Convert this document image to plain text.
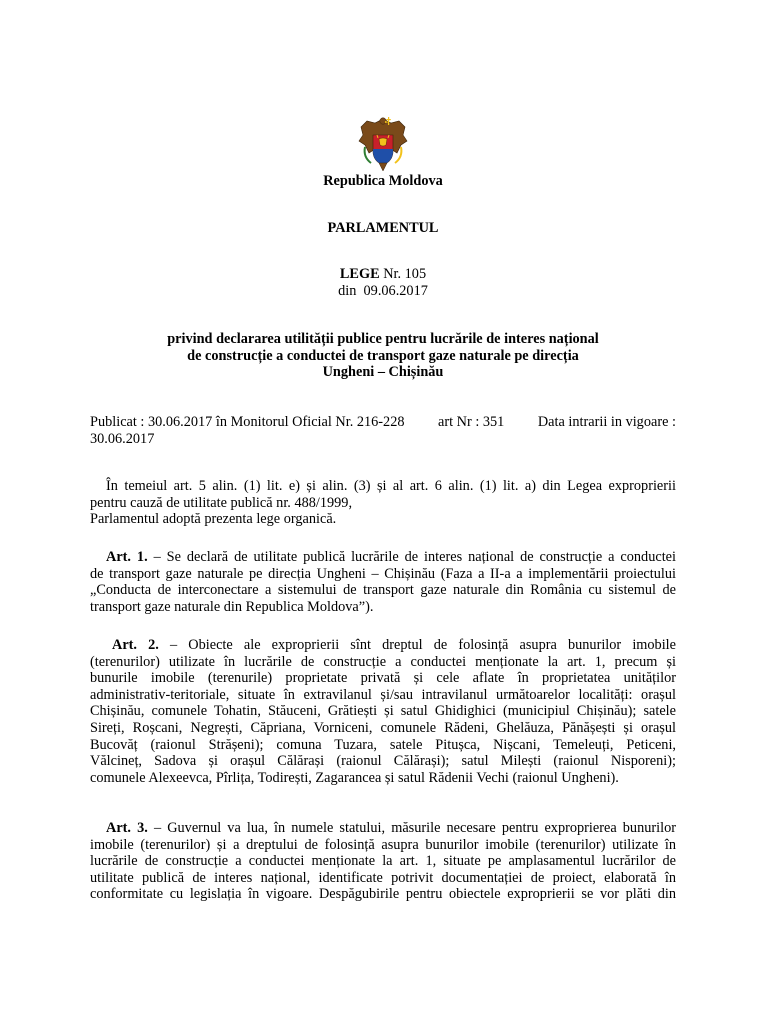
Republica Moldova
PARLAMENTUL
LEGE Nr. 105
din  09.06.2017
privind declararea utilității publice pentru lucrările de interes național
de construcție a conductei de transport gaze naturale pe direcția
Ungheni – Chișinău
Publicat : 30.06.2017 în Monitorul Oficial Nr. 216-228 art Nr : 351 Data intrarii in vigoare :
30.06.2017
În temeiul art. 5 alin. (1) lit. e) și alin. (3) și al art. 6 alin. (1) lit. a) din Legea exproprierii
pentru cauză de utilitate publică nr. 488/1999,
Parlamentul adoptă prezenta lege organică.
Art. 1. – Se declară de utilitate publică lucrările de interes național de construcție a conductei
de transport gaze naturale pe direcția Ungheni – Chișinău (Faza a II-a a implementării proiectului
„Conducta de interconectare a sistemului de transport gaze naturale din România cu sistemul de
transport gaze naturale din Republica Moldova”).
Art. 2. – Obiecte ale exproprierii sînt dreptul de folosință asupra bunurilor imobile
(terenurilor) utilizate în lucrările de construcție a conductei menționate la art. 1, precum și
bunurile imobile (terenurile) proprietate privată și cele aflate în proprietatea unităților
administrativ-teritoriale, situate în extravilanul și/sau intravilanul următoarelor localități: orașul
Chișinău, comunele Tohatin, Stăuceni, Grătiești și satul Ghidighici (municipiul Chișinău); satele
Sireți, Roșcani, Negrești, Căpriana, Vorniceni, comunele Rădeni, Ghelăuza, Pănășești și orașul
Bucovăț (raionul Strășeni); comuna Tuzara, satele Pitușca, Nișcani, Temeleuți, Peticeni,
Vălcineț, Sadova și orașul Călărași (raionul Călărași); satul Milești (raionul Nisporeni);
comunele Alexeevca, Pîrlița, Todirești, Zagarancea și satul Rădenii Vechi (raionul Ungheni).
Art. 3. – Guvernul va lua, în numele statului, măsurile necesare pentru exproprierea bunurilor
imobile (terenurilor) și a dreptului de folosință asupra bunurilor imobile (terenurilor) utilizate în
lucrările de construcție a conductei menționate la art. 1, situate pe amplasamentul lucrărilor de
utilitate publică de interes național, identificate potrivit documentației de proiect, elaborată în
conformitate cu legislația în vigoare. Despăgubirile pentru obiectele exproprierii se vor plăti din
